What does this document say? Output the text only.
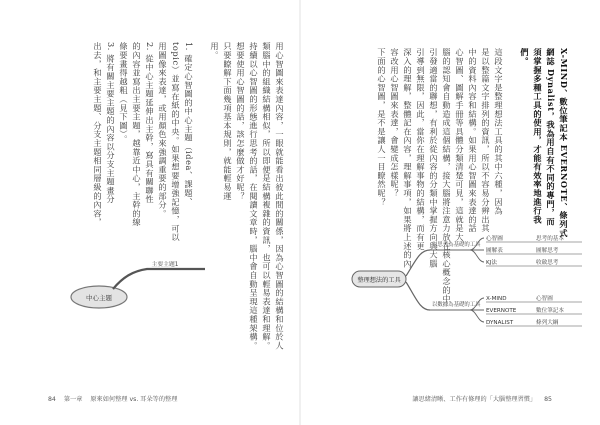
用心智圖來表達內容，一眼就能看出彼此間的關係，因為心智圖的結構和位於人
類腦中的組織結構相似，所以即便是結構複雜的資訊，也可以輕易表達和理解。
持續以心智圖的形態進行思考的話，在閱讀文章時，腦中會自動呈現這種架構。
想要使用心智圖的話，該怎麼做才好呢？
只要瞭解下面幾項基本規則，就能輕易運
用。

1. 確定心智圖的中心主題（idea、課題、
topic）並寫在紙的中央。如果想要增強記憶，可以
用圖像來表達，或用顏色來強調重要的部分。
2. 從中心主題延伸出主幹，寫具有關聯性
的內容並寫出主要主題，越靠近中心，主幹的線
條要畫得越粗（見下圖）。
3. 將有關主要主題的內容以分支主題畫分
出去，和主要主題、分支主題相同層級的內容，

中心主題
主要主題1
84 第一章 原來如何整理 vs. 耳朵等的整理
X-MIND、數位筆記本 EVERNOTE、條列式
網誌 Dynalist，我為用自有不同的專門，而
須掌握多種工具的使用，才能有效率地進行我
們。

這段文字是整理想法工具的其中六種，因為
是以整篇文字排列的資訊，所以不容易分辨出其
中的資料內容和結構。如果用心智圖來表達的話
心智圖、圖解手冊等具體分類清楚可見，這就是大
腦的認知會自動造成這個結構，接大腦將注意力放在核心概念的中
引發適當的聯想，有利於從內容的分類中掌握方向與大腦
引導到無限，因此，當你在理解事物的結構，而有更
深入的理解，整體記在內容，理解事項，如果將上述的內
容改用心智圖來表達，會變成怎樣呢？
下面的心智圖，是不是讓人一目瞭然呢？

整理想法的工具
以思考為基礎的工具
以數據為基礎的工具
心智圖	思考的基本
圖解表	圖解思考
KJ法	收斂思考
X-MIND	心智圖
EVERNOTE	數位筆記本
DYNALIST	條列大綱
讓思緒清晰、工作有條理的「大腦整理習慣」 85
